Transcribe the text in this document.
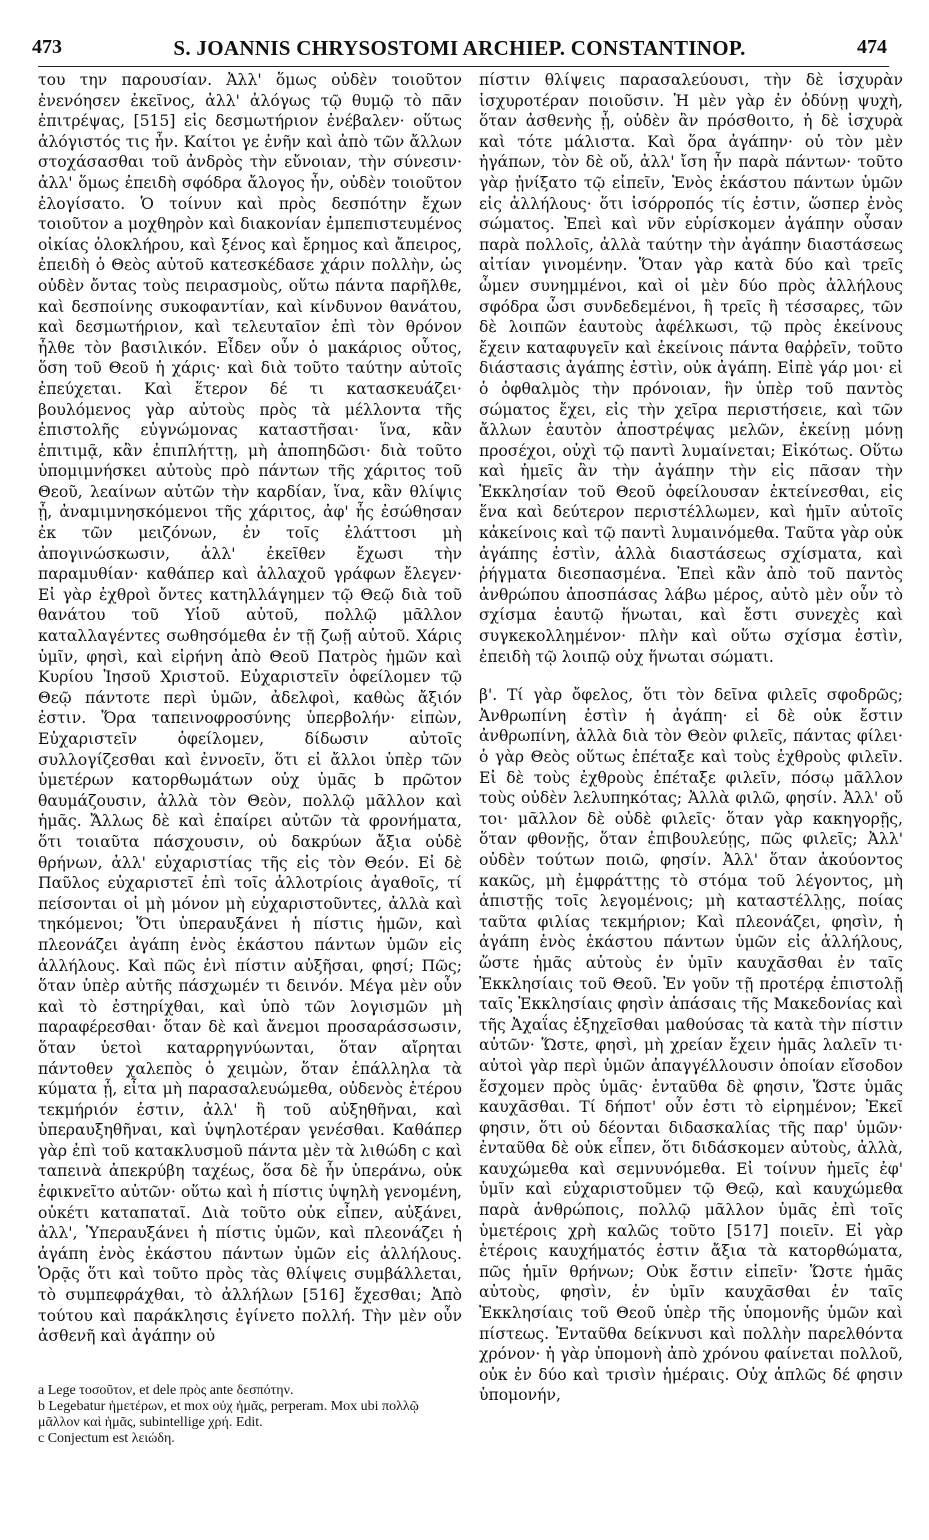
473	S. JOANNIS CHRYSOSTOMI ARCHIEP. CONSTANTINOP.	474

του την παρουσίαν. Ἀλλ' ὅμως οὐδὲν τοιοῦτον ἐνενόησεν ἐκεῖνος, ἀλλ' ἀλόγως τῷ θυμῷ τὸ πᾶν ἐπιτρέψας, [515] εἰς δεσμωτήριον ἐνέβαλεν· οὕτως ἀλόγιστός τις ἦν. Καίτοι γε ἐνῆν καὶ ἀπὸ τῶν ἄλλων στοχάσασθαι τοῦ ἀνδρὸς τὴν εὔνοιαν, τὴν σύνεσιν· ἀλλ' ὅμως ἐπειδὴ σφόδρα ἄλογος ἦν, οὐδὲν τοιοῦτον ἐλογίσατο. Ὁ τοίνυν καὶ πρὸς δεσπότην ἔχων τοιοῦτον a μοχθηρὸν καὶ διακονίαν ἐμπεπιστευμένος οἰκίας ὁλοκλήρου, καὶ ξένος καὶ ἔρημος καὶ ἄπειρος, ἐπειδὴ ὁ Θεὸς αὐτοῦ κατεσκέδασε χάριν πολλὴν, ὡς οὐδὲν ὄντας τοὺς πειρασμοὺς, οὕτω πάντα παρῆλθε, καὶ δεσποίνης συκοφαντίαν, καὶ κίνδυνον θανάτου, καὶ δεσμωτήριον, καὶ τελευταῖον ἐπὶ τὸν θρόνον ἦλθε τὸν βασιλικόν. Εἶδεν οὖν ὁ μακάριος οὗτος, ὅση τοῦ Θεοῦ ἡ χάρις· καὶ διὰ τοῦτο ταύτην αὐτοῖς ἐπεύχεται. Καὶ ἕτερον δέ τι κατασκευάζει· βουλόμενος γὰρ αὐτοὺς πρὸς τὰ μέλλοντα τῆς ἐπιστολῆς εὐγνώμονας καταστῆσαι· ἵνα, κἂν ἐπιτιμᾷ, κἂν ἐπιπλήττῃ, μὴ ἀποπηδῶσι· διὰ τοῦτο ὑπομιμνήσκει αὐτοὺς πρὸ πάντων τῆς χάριτος τοῦ Θεοῦ, λεαίνων αὐτῶν τὴν καρδίαν, ἵνα, κἂν θλίψις ᾖ, ἀναμιμνησκόμενοι τῆς χάριτος, ἀφ' ἧς ἐσώθησαν ἐκ τῶν μειζόνων, ἐν τοῖς ἐλάττοσι μὴ ἀπογινώσκωσιν, ἀλλ' ἐκεῖθεν ἔχωσι τὴν παραμυθίαν· καθάπερ καὶ ἀλλαχοῦ γράφων ἔλεγεν· Εἰ γὰρ ἐχθροὶ ὄντες κατηλλάγημεν τῷ Θεῷ διὰ τοῦ θανάτου τοῦ Υἱοῦ αὐτοῦ, πολλῷ μᾶλλον καταλλαγέντες σωθησόμεθα ἐν τῇ ζωῇ αὐτοῦ. Χάρις ὑμῖν, φησὶ, καὶ εἰρήνη ἀπὸ Θεοῦ Πατρὸς ἡμῶν καὶ Κυρίου Ἰησοῦ Χριστοῦ. Εὐχαριστεῖν ὀφείλομεν τῷ Θεῷ πάντοτε περὶ ὑμῶν, ἀδελφοὶ, καθὼς ἄξιόν ἐστιν. Ὅρα ταπεινοφροσύνης ὑπερβολήν· εἰπὼν, Εὐχαριστεῖν ὀφείλομεν, δίδωσιν αὐτοῖς συλλογίζεσθαι καὶ ἐννοεῖν, ὅτι εἰ ἄλλοι ὑπὲρ τῶν ὑμετέρων κατορθωμάτων οὐχ ὑμᾶς b πρῶτον θαυμάζουσιν, ἀλλὰ τὸν Θεὸν, πολλῷ μᾶλλον καὶ ἡμᾶς. Ἄλλως δὲ καὶ ἐπαίρει αὐτῶν τὰ φρονήματα, ὅτι τοιαῦτα πάσχουσιν, οὐ δακρύων ἄξια οὐδὲ θρήνων, ἀλλ' εὐχαριστίας τῆς εἰς τὸν Θεόν. Εἰ δὲ Παῦλος εὐχαριστεῖ ἐπὶ τοῖς ἀλλοτρίοις ἀγαθοῖς, τί πείσονται οἱ μὴ μόνον μὴ εὐχαριστοῦντες, ἀλλὰ καὶ τηκόμενοι; Ὅτι ὑπεραυξάνει ἡ πίστις ἡμῶν, καὶ πλεονάζει ἀγάπη ἑνὸς ἑκάστου πάντων ὑμῶν εἰς ἀλλήλους. Καὶ πῶς ἐνὶ πίστιν αὐξῆσαι, φησί; Πῶς; ὅταν ὑπὲρ αὐτῆς πάσχωμέν τι δεινόν. Μέγα μὲν οὖν καὶ τὸ ἐστηρίχθαι, καὶ ὑπὸ τῶν λογισμῶν μὴ παραφέρεσθαι· ὅταν δὲ καὶ ἄνεμοι προσαράσσωσιν, ὅταν ὑετοὶ καταρρηγνύωνται, ὅταν αἴρηται πάντοθεν χαλεπὸς ὁ χειμὼν, ὅταν ἐπάλληλα τὰ κύματα ᾖ, εἶτα μὴ παρασαλευώμεθα, οὐδενὸς ἑτέρου τεκμήριόν ἐστιν, ἀλλ' ἢ τοῦ αὐξηθῆναι, καὶ ὑπεραυξηθῆναι, καὶ ὑψηλοτέραν γενέσθαι. Καθάπερ γὰρ ἐπὶ τοῦ κατακλυσμοῦ πάντα μὲν τὰ λιθώδη c καὶ ταπεινὰ ἀπεκρύβη ταχέως, ὅσα δὲ ἦν ὑπεράνω, οὐκ ἐφικνεῖτο αὐτῶν· οὕτω καὶ ἡ πίστις ὑψηλὴ γενομένη, οὐκέτι καταπαταῖ. Διὰ τοῦτο οὐκ εἶπεν, αὐξάνει, ἀλλ', Ὑπεραυξάνει ἡ πίστις ὑμῶν, καὶ πλεονάζει ἡ ἀγάπη ἑνὸς ἑκάστου πάντων ὑμῶν εἰς ἀλλήλους. Ὁρᾷς ὅτι καὶ τοῦτο πρὸς τὰς θλίψεις συμβάλλεται, τὸ συμπεφράχθαι, τὸ ἀλλήλων [516] ἔχεσθαι; Ἀπὸ τούτου καὶ παράκλησις ἐγίνετο πολλή. Τὴν μὲν οὖν ἀσθενῆ καὶ ἀγάπην οὐ

πίστιν θλίψεις παρασαλεύουσι, τὴν δὲ ἰσχυρὰν ἰσχυροτέραν ποιοῦσιν. Ἡ μὲν γὰρ ἐν ὀδύνῃ ψυχὴ, ὅταν ἀσθενὴς ᾖ, οὐδὲν ἂν πρόσθοιτο, ἡ δὲ ἰσχυρὰ καὶ τότε μάλιστα. Καὶ ὅρα ἀγάπην· οὐ τὸν μὲν ἠγάπων, τὸν δὲ οὔ, ἀλλ' ἴση ἦν παρὰ πάντων· τοῦτο γὰρ ᾐνίξατο τῷ εἰπεῖν, Ἑνὸς ἑκάστου πάντων ὑμῶν εἰς ἀλλήλους· ὅτι ἰσόρροπός τίς ἐστιν, ὥσπερ ἑνὸς σώματος. Ἐπεὶ καὶ νῦν εὑρίσκομεν ἀγάπην οὖσαν παρὰ πολλοῖς, ἀλλὰ ταύτην τὴν ἀγάπην διαστάσεως αἰτίαν γινομένην. Ὅταν γὰρ κατὰ δύο καὶ τρεῖς ὦμεν συνημμένοι, καὶ οἱ μὲν δύο πρὸς ἀλλήλους σφόδρα ὦσι συνδεδεμένοι, ἢ τρεῖς ἢ τέσσαρες, τῶν δὲ λοιπῶν ἑαυτοὺς ἀφέλκωσι, τῷ πρὸς ἐκείνους ἔχειν καταφυγεῖν καὶ ἐκείνοις πάντα θαῤῥεῖν, τοῦτο διάστασις ἀγάπης ἐστὶν, οὐκ ἀγάπη. Εἰπὲ γάρ μοι· εἰ ὁ ὀφθαλμὸς τὴν πρόνοιαν, ἣν ὑπὲρ τοῦ παντὸς σώματος ἔχει, εἰς τὴν χεῖρα περιστήσειε, καὶ τῶν ἄλλων ἑαυτὸν ἀποστρέψας μελῶν, ἐκείνῃ μόνῃ προσέχοι, οὐχὶ τῷ παντὶ λυμαίνεται; Εἰκότως. Οὕτω καὶ ἡμεῖς ἂν τὴν ἀγάπην τὴν εἰς πᾶσαν τὴν Ἐκκλησίαν τοῦ Θεοῦ ὀφείλουσαν ἐκτείνεσθαι, εἰς ἕνα καὶ δεύτερον περιστέλλωμεν, καὶ ἡμῖν αὐτοῖς κἀκείνοις καὶ τῷ παντὶ λυμαινόμεθα. Ταῦτα γὰρ οὐκ ἀγάπης ἐστὶν, ἀλλὰ διαστάσεως σχίσματα, καὶ ῥήγματα διεσπασμένα. Ἐπεὶ κἂν ἀπὸ τοῦ παντὸς ἀνθρώπου ἀποσπάσας λάβω μέρος, αὐτὸ μὲν οὖν τὸ σχίσμα ἑαυτῷ ἥνωται, καὶ ἔστι συνεχὲς καὶ συγκεκολλημένον· πλὴν καὶ οὕτω σχίσμα ἐστὶν, ἐπειδὴ τῷ λοιπῷ οὐχ ἥνωται σώματι.

β'. Τί γὰρ ὄφελος, ὅτι τὸν δεῖνα φιλεῖς σφοδρῶς; Ἀνθρωπίνη ἐστὶν ἡ ἀγάπη· εἰ δὲ οὐκ ἔστιν ἀνθρωπίνη, ἀλλὰ διὰ τὸν Θεὸν φιλεῖς, πάντας φίλει· ὁ γὰρ Θεὸς οὕτως ἐπέταξε καὶ τοὺς ἐχθροὺς φιλεῖν. Εἰ δὲ τοὺς ἐχθροὺς ἐπέταξε φιλεῖν, πόσῳ μᾶλλον τοὺς οὐδὲν λελυπηκότας; Ἀλλὰ φιλῶ, φησίν. Ἀλλ' οὔ τοι· μᾶλλον δὲ οὐδὲ φιλεῖς· ὅταν γὰρ κακηγορῇς, ὅταν φθονῇς, ὅταν ἐπιβουλεύῃς, πῶς φιλεῖς; Ἀλλ' οὐδὲν τούτων ποιῶ, φησίν. Ἀλλ' ὅταν ἀκούοντος κακῶς, μὴ ἐμφράττῃς τὸ στόμα τοῦ λέγοντος, μὴ ἀπιστῇς τοῖς λεγομένοις; μὴ καταστέλλῃς, ποίας ταῦτα φιλίας τεκμήριον; Καὶ πλεονάζει, φησὶν, ἡ ἀγάπη ἑνὸς ἑκάστου πάντων ὑμῶν εἰς ἀλλήλους, ὥστε ἡμᾶς αὐτοὺς ἐν ὑμῖν καυχᾶσθαι ἐν ταῖς Ἐκκλησίαις τοῦ Θεοῦ. Ἐν γοῦν τῇ προτέρᾳ ἐπιστολῇ ταῖς Ἐκκλησίαις φησὶν ἁπάσαις τῆς Μακεδονίας καὶ τῆς Ἀχαΐας ἐξηχεῖσθαι μαθούσας τὰ κατὰ τὴν πίστιν αὐτῶν· Ὥστε, φησὶ, μὴ χρείαν ἔχειν ἡμᾶς λαλεῖν τι· αὐτοὶ γὰρ περὶ ὑμῶν ἀπαγγέλλουσιν ὁποίαν εἴσοδον ἔσχομεν πρὸς ὑμᾶς· ἐνταῦθα δὲ φησιν, Ὥστε ὑμᾶς καυχᾶσθαι. Τί δήποτ' οὖν ἐστι τὸ εἰρημένον; Ἐκεῖ φησιν, ὅτι οὐ δέονται διδασκαλίας τῆς παρ' ὑμῶν· ἐνταῦθα δὲ οὐκ εἶπεν, ὅτι διδάσκομεν αὐτοὺς, ἀλλὰ, καυχώμεθα καὶ σεμνυνόμεθα. Εἰ τοίνυν ἡμεῖς ἐφ' ὑμῖν καὶ εὐχαριστοῦμεν τῷ Θεῷ, καὶ καυχώμεθα παρὰ ἀνθρώποις, πολλῷ μᾶλλον ὑμᾶς ἐπὶ τοῖς ὑμετέροις χρὴ καλῶς τοῦτο [517] ποιεῖν. Εἰ γὰρ ἑτέροις καυχήματός ἐστιν ἄξια τὰ κατορθώματα, πῶς ἡμῖν θρήνων; Οὐκ ἔστιν εἰπεῖν· Ὥστε ἡμᾶς αὐτοὺς, φησὶν, ἐν ὑμῖν καυχᾶσθαι ἐν ταῖς Ἐκκλησίαις τοῦ Θεοῦ ὑπὲρ τῆς ὑπομονῆς ὑμῶν καὶ πίστεως. Ἐνταῦθα δείκνυσι καὶ πολλὴν παρελθόντα χρόνον· ἡ γὰρ ὑπομονὴ ἀπὸ χρόνου φαίνεται πολλοῦ, οὐκ ἐν δύο καὶ τρισὶν ἡμέραις. Οὐχ ἁπλῶς δέ φησιν ὑπομονήν,

a Lege τοσοῦτον, et dele πρὸς ante δεσπότην.
b Legebatur ἡμετέρων, et mox οὐχ ἡμᾶς, perperam. Mox ubi πολλῷ μᾶλλον καὶ ἡμᾶς, subintellige χρή. Edit.
c Conjectum est λειώδη.
